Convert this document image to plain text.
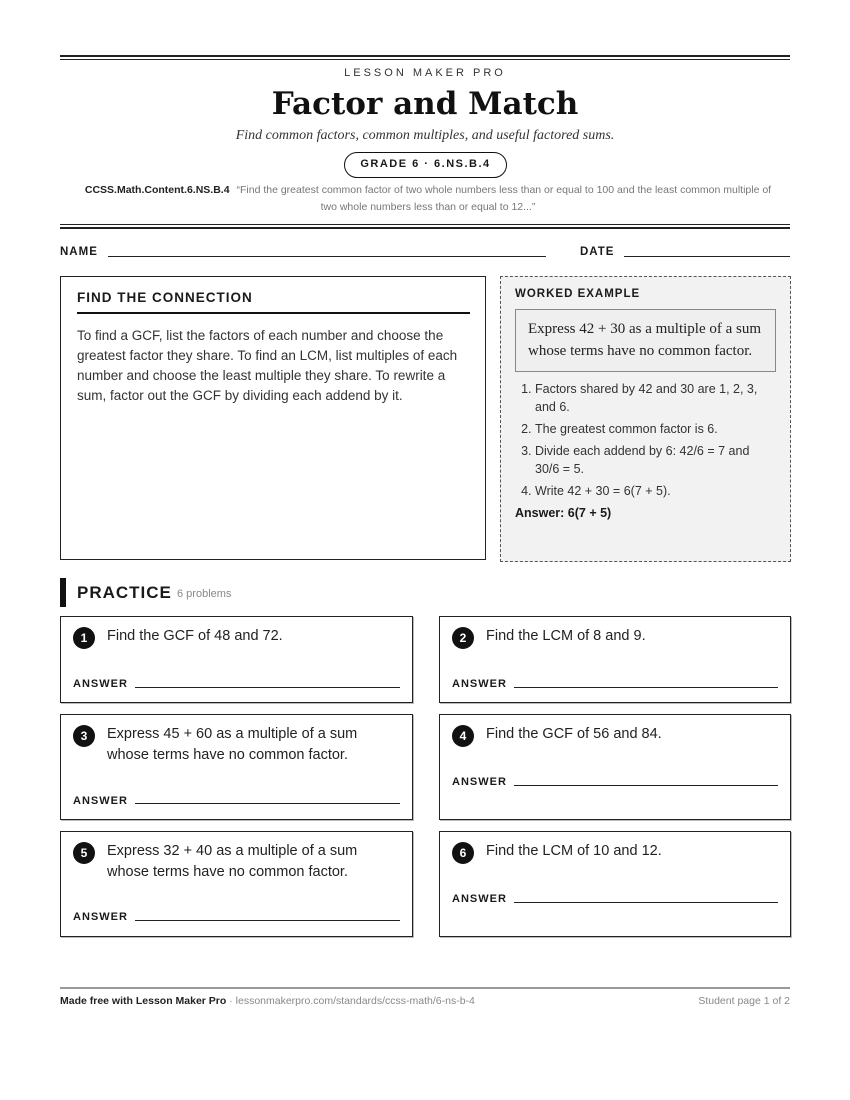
LESSON MAKER PRO
Factor and Match
Find common factors, common multiples, and useful factored sums.
GRADE 6 · 6.NS.B.4
CCSS.Math.Content.6.NS.B.4 “Find the greatest common factor of two whole numbers less than or equal to 100 and the least common multiple of two whole numbers less than or equal to 12...”
NAME	DATE
FIND THE CONNECTION

To find a GCF, list the factors of each number and choose the greatest factor they share. To find an LCM, list multiples of each number and choose the least multiple they share. To rewrite a sum, factor out the GCF by dividing each addend by it.

WORKED EXAMPLE
Express 42 + 30 as a multiple of a sum whose terms have no common factor.
1. Factors shared by 42 and 30 are 1, 2, 3, and 6.
2. The greatest common factor is 6.
3. Divide each addend by 6: 42/6 = 7 and 30/6 = 5.
4. Write 42 + 30 = 6(7 + 5).
Answer: 6(7 + 5)
PRACTICE 6 problems
1	Find the GCF of 48 and 72.
ANSWER
2	Find the LCM of 8 and 9.
ANSWER
3	Express 45 + 60 as a multiple of a sum whose terms have no common factor.
ANSWER
4	Find the GCF of 56 and 84.
ANSWER
5	Express 32 + 40 as a multiple of a sum whose terms have no common factor.
ANSWER
6	Find the LCM of 10 and 12.
ANSWER
Made free with Lesson Maker Pro · lessonmakerpro.com/standards/ccss-math/6-ns-b-4	Student page 1 of 2
